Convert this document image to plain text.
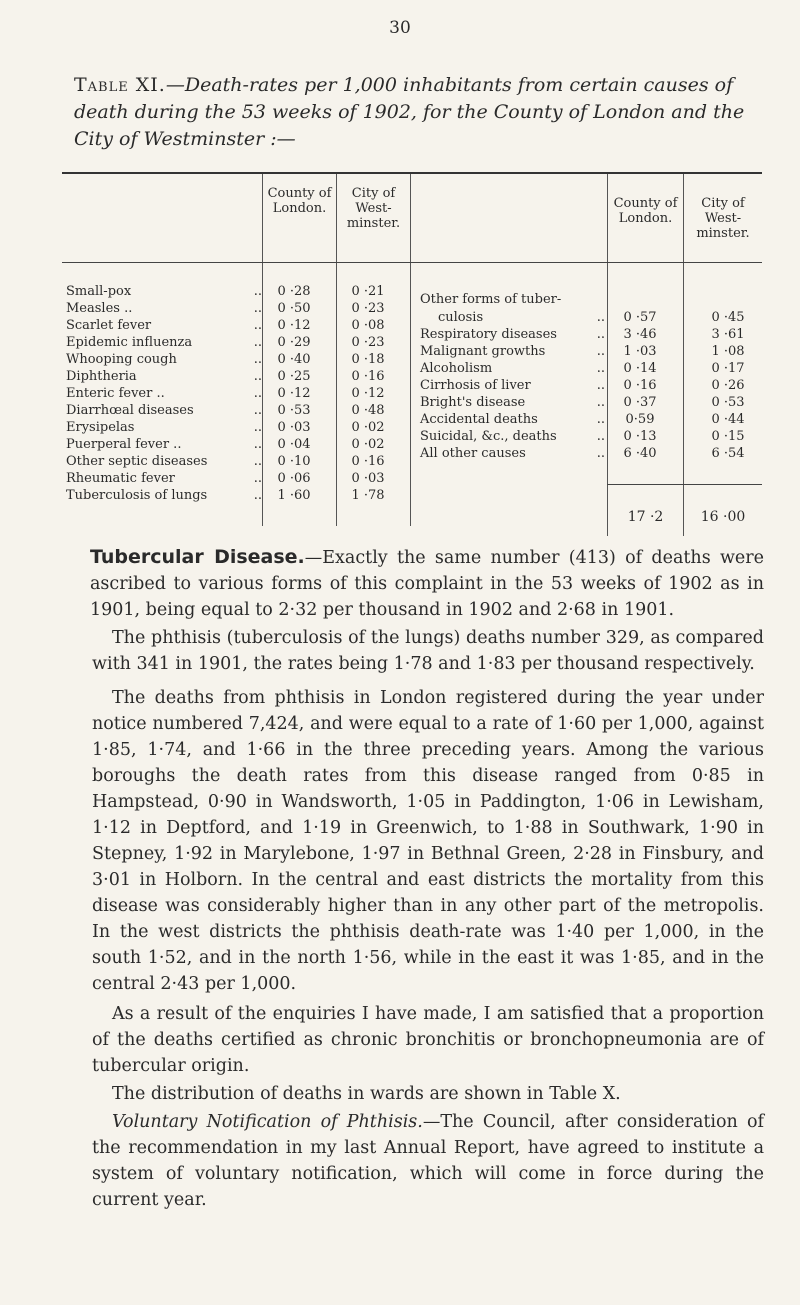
30
Table XI.—Death-rates per 1,000 inhabitants from certain causes of death during the 53 weeks of 1902, for the County of London and the City of Westminster :—
County of London.
City of West- minster.
County of London.
City of West- minster.
Small-pox	..	0 ·28	0 ·21
Measles ..	..	0 ·50	0 ·23
Scarlet fever	..	0 ·12	0 ·08
Epidemic influenza	..	0 ·29	0 ·23
Whooping cough	..	0 ·40	0 ·18
Diphtheria	..	0 ·25	0 ·16
Enteric fever ..	..	0 ·12	0 ·12
Diarrhœal diseases	..	0 ·53	0 ·48
Erysipelas	..	0 ·03	0 ·02
Puerperal fever ..	..	0 ·04	0 ·02
Other septic diseases	..	0 ·10	0 ·16
Rheumatic fever	..	0 ·06	0 ·03
Tuberculosis of lungs	..	1 ·60	1 ·78
Other forms of tuber-
culosis	..	0 ·57	0 ·45
Respiratory diseases	..	3 ·46	3 ·61
Malignant growths	..	1 ·03	1 ·08
Alcoholism	..	0 ·14	0 ·17
Cirrhosis of liver	..	0 ·16	0 ·26
Bright's disease	..	0 ·37	0 ·53
Accidental deaths	..	0·59	0 ·44
Suicidal, &c., deaths	..	0 ·13	0 ·15
All other causes	..	6 ·40	6 ·54
17 ·2	16 ·00

Tubercular Disease.—Exactly the same number (413) of deaths were ascribed to various forms of this complaint in the 53 weeks of 1902 as in 1901, being equal to 2·32 per thousand in 1902 and 2·68 in 1901.

The phthisis (tuberculosis of the lungs) deaths number 329, as compared with 341 in 1901, the rates being 1·78 and 1·83 per thousand respectively.

The deaths from phthisis in London registered during the year under notice numbered 7,424, and were equal to a rate of 1·60 per 1,000, against 1·85, 1·74, and 1·66 in the three preceding years. Among the various boroughs the death rates from this disease ranged from 0·85 in Hampstead, 0·90 in Wandsworth, 1·05 in Paddington, 1·06 in Lewisham, 1·12 in Deptford, and 1·19 in Greenwich, to 1·88 in Southwark, 1·90 in Stepney, 1·92 in Marylebone, 1·97 in Bethnal Green, 2·28 in Finsbury, and 3·01 in Holborn. In the central and east districts the mortality from this disease was considerably higher than in any other part of the metropolis. In the west districts the phthisis death-rate was 1·40 per 1,000, in the south 1·52, and in the north 1·56, while in the east it was 1·85, and in the central 2·43 per 1,000.

As a result of the enquiries I have made, I am satisfied that a proportion of the deaths certified as chronic bronchitis or bronchopneumonia are of tubercular origin.

The distribution of deaths in wards are shown in Table X.

Voluntary Notification of Phthisis.—The Council, after consideration of the recommendation in my last Annual Report, have agreed to institute a system of voluntary notification, which will come in force during the current year.
